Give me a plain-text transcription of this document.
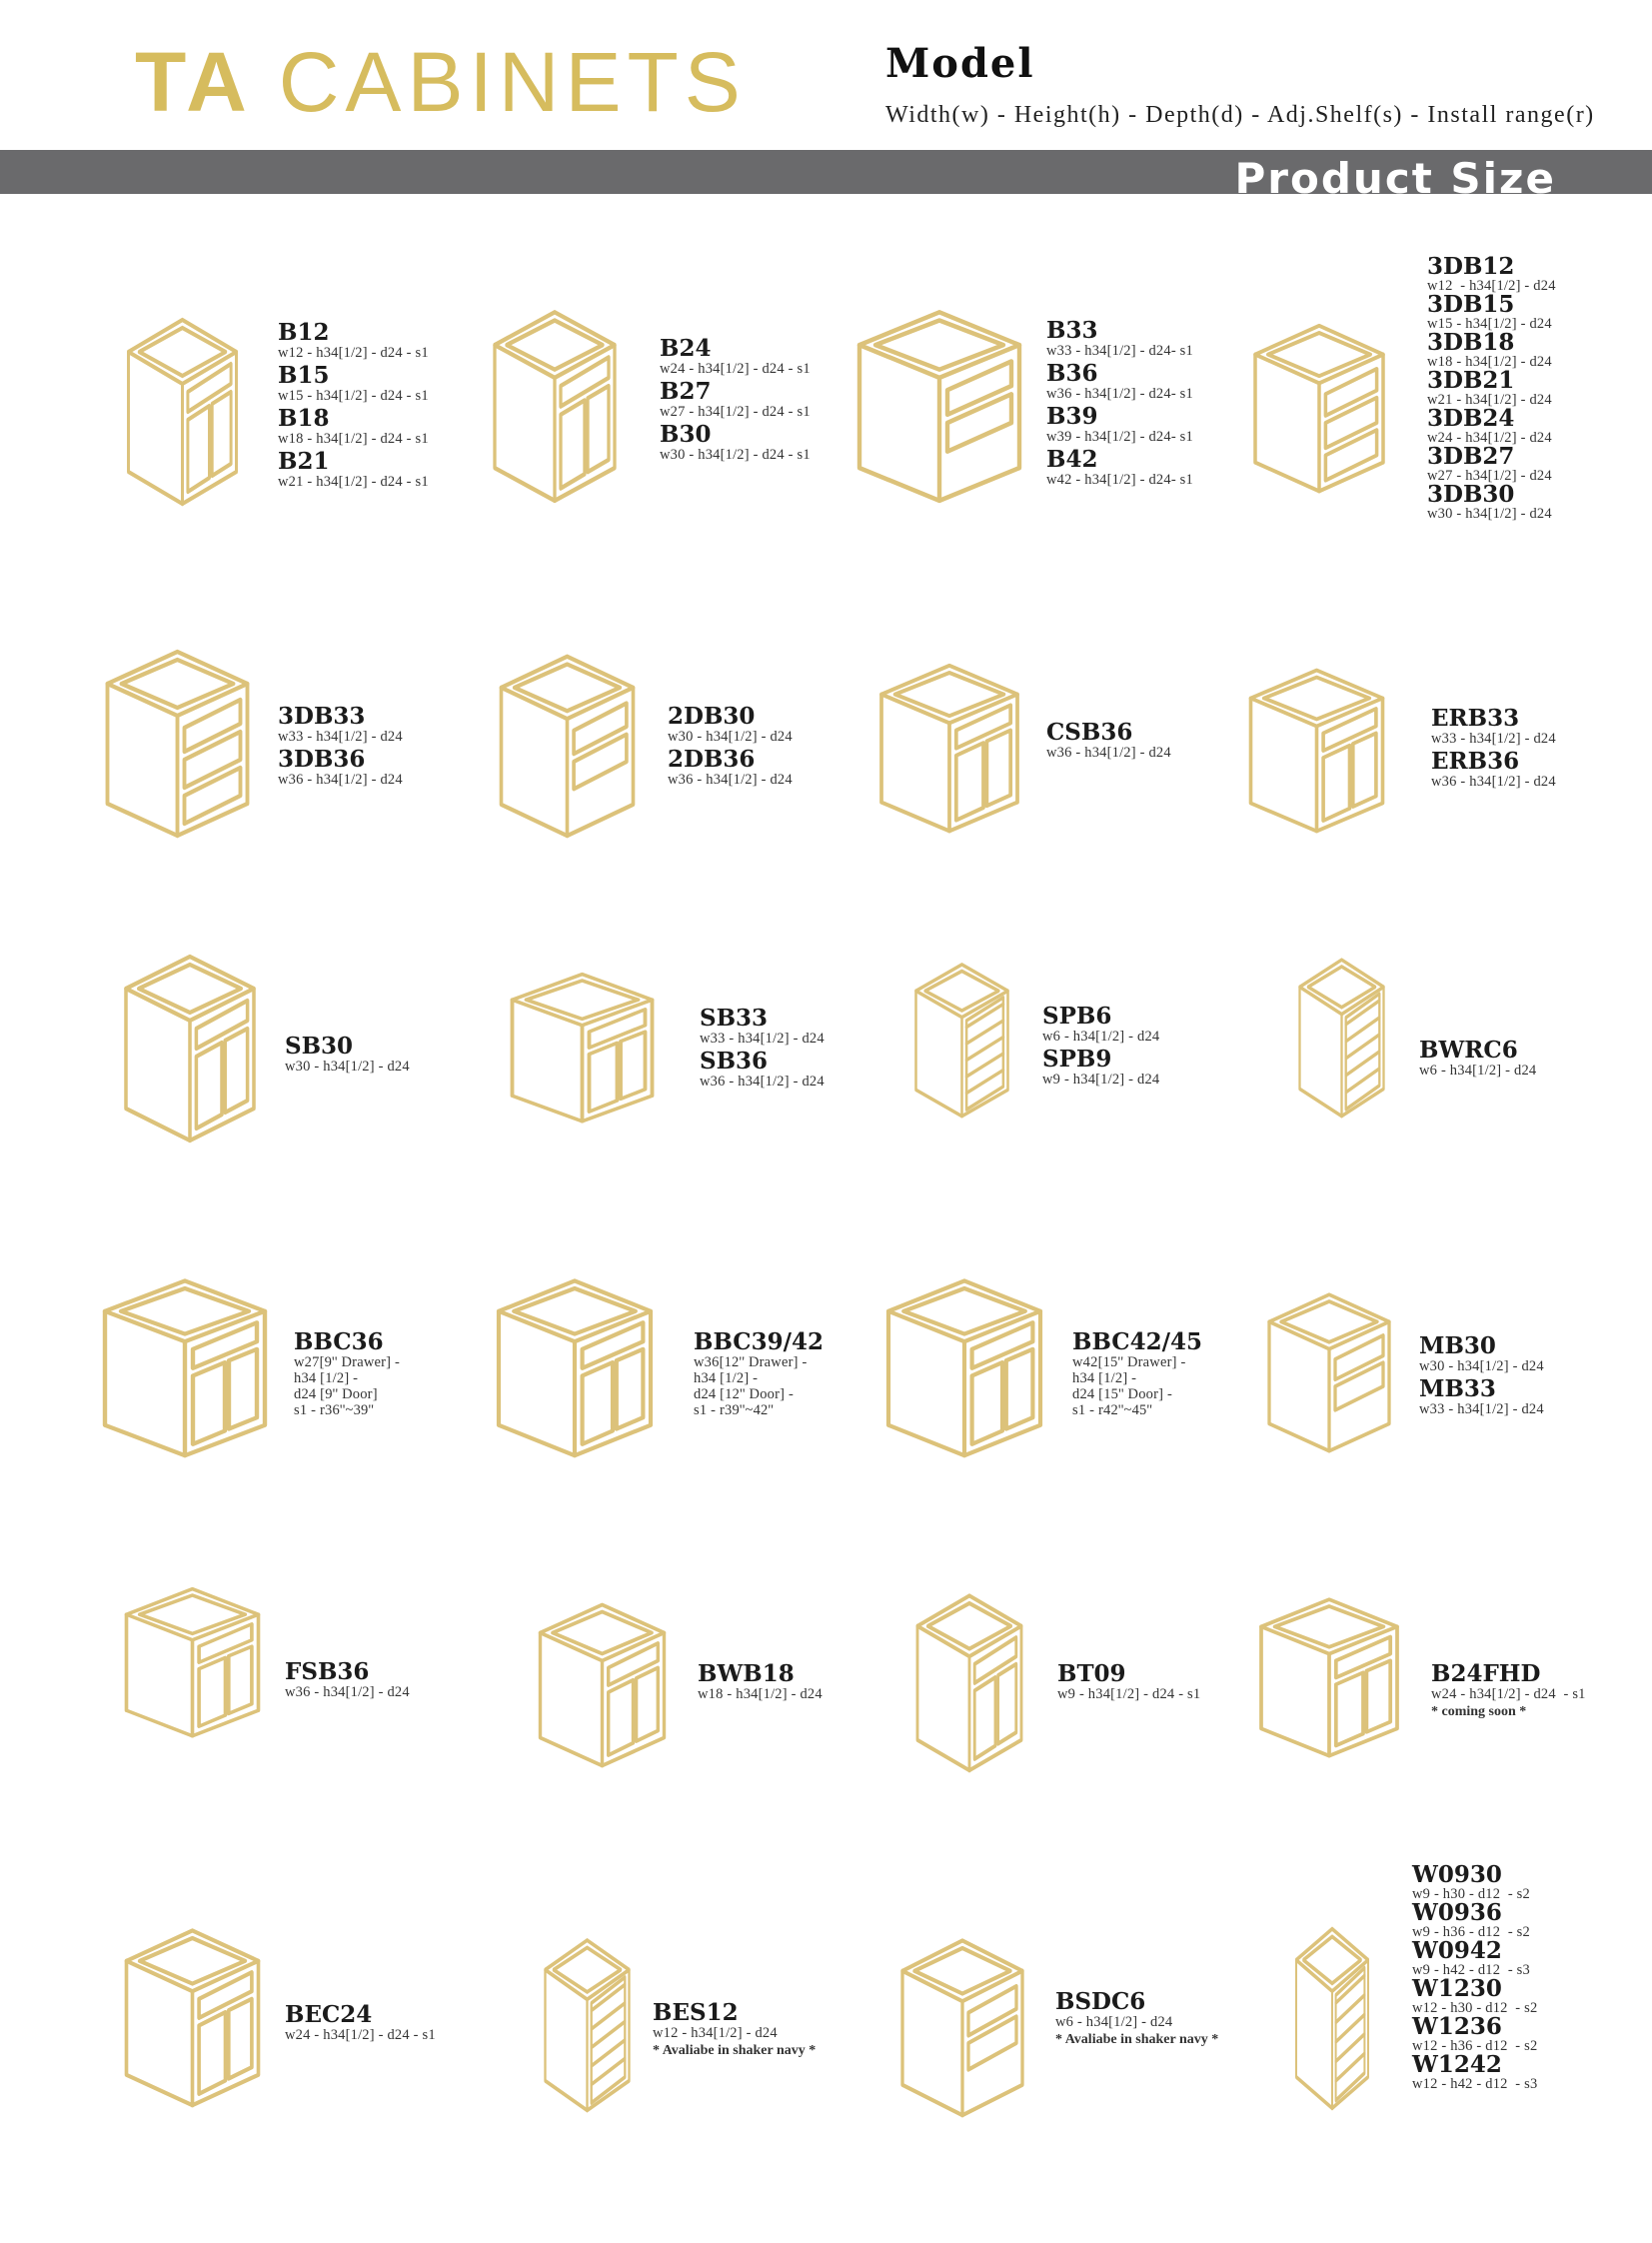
TA CABINETS	Model
Width(w) - Height(h) - Depth(d) - Adj.Shelf(s) - Install range(r)
Product Size
B12
w12 - h34[1/2] - d24 - s1
B15
w15 - h34[1/2] - d24 - s1
B18
w18 - h34[1/2] - d24 - s1
B21
w21 - h34[1/2] - d24 - s1
B24
w24 - h34[1/2] - d24 - s1
B27
w27 - h34[1/2] - d24 - s1
B30
w30 - h34[1/2] - d24 - s1
B33
w33 - h34[1/2] - d24- s1
B36
w36 - h34[1/2] - d24- s1
B39
w39 - h34[1/2] - d24- s1
B42
w42 - h34[1/2] - d24- s1
3DB12
w12  - h34[1/2] - d24
3DB15
w15 - h34[1/2] - d24
3DB18
w18 - h34[1/2] - d24
3DB21
w21 - h34[1/2] - d24
3DB24
w24 - h34[1/2] - d24
3DB27
w27 - h34[1/2] - d24
3DB30
w30 - h34[1/2] - d24
3DB33
w33 - h34[1/2] - d24
3DB36
w36 - h34[1/2] - d24
2DB30
w30 - h34[1/2] - d24
2DB36
w36 - h34[1/2] - d24
CSB36
w36 - h34[1/2] - d24
ERB33
w33 - h34[1/2] - d24
ERB36
w36 - h34[1/2] - d24
SB30
w30 - h34[1/2] - d24
SB33
w33 - h34[1/2] - d24
SB36
w36 - h34[1/2] - d24
SPB6
w6 - h34[1/2] - d24
SPB9
w9 - h34[1/2] - d24
BWRC6
w6 - h34[1/2] - d24
BBC36
w27[9'' Drawer] -
h34 [1/2] -
d24 [9'' Door]
s1 - r36''~39''
BBC39/42
w36[12'' Drawer] -
h34 [1/2] -
d24 [12'' Door] -
s1 - r39''~42''
BBC42/45
w42[15'' Drawer] -
h34 [1/2] -
d24 [15'' Door] -
s1 - r42''~45''
MB30
w30 - h34[1/2] - d24
MB33
w33 - h34[1/2] - d24
FSB36
w36 - h34[1/2] - d24
BWB18
w18 - h34[1/2] - d24
BT09
w9 - h34[1/2] - d24 - s1
B24FHD
w24 - h34[1/2] - d24  - s1
* coming soon *
BEC24
w24 - h34[1/2] - d24 - s1
BES12
w12 - h34[1/2] - d24
* Avaliabe in shaker navy *
BSDC6
w6 - h34[1/2] - d24
* Avaliabe in shaker navy *
W0930
w9 - h30 - d12  - s2
W0936
w9 - h36 - d12  - s2
W0942
w9 - h42 - d12  - s3
W1230
w12 - h30 - d12  - s2
W1236
w12 - h36 - d12  - s2
W1242
w12 - h42 - d12  - s3
